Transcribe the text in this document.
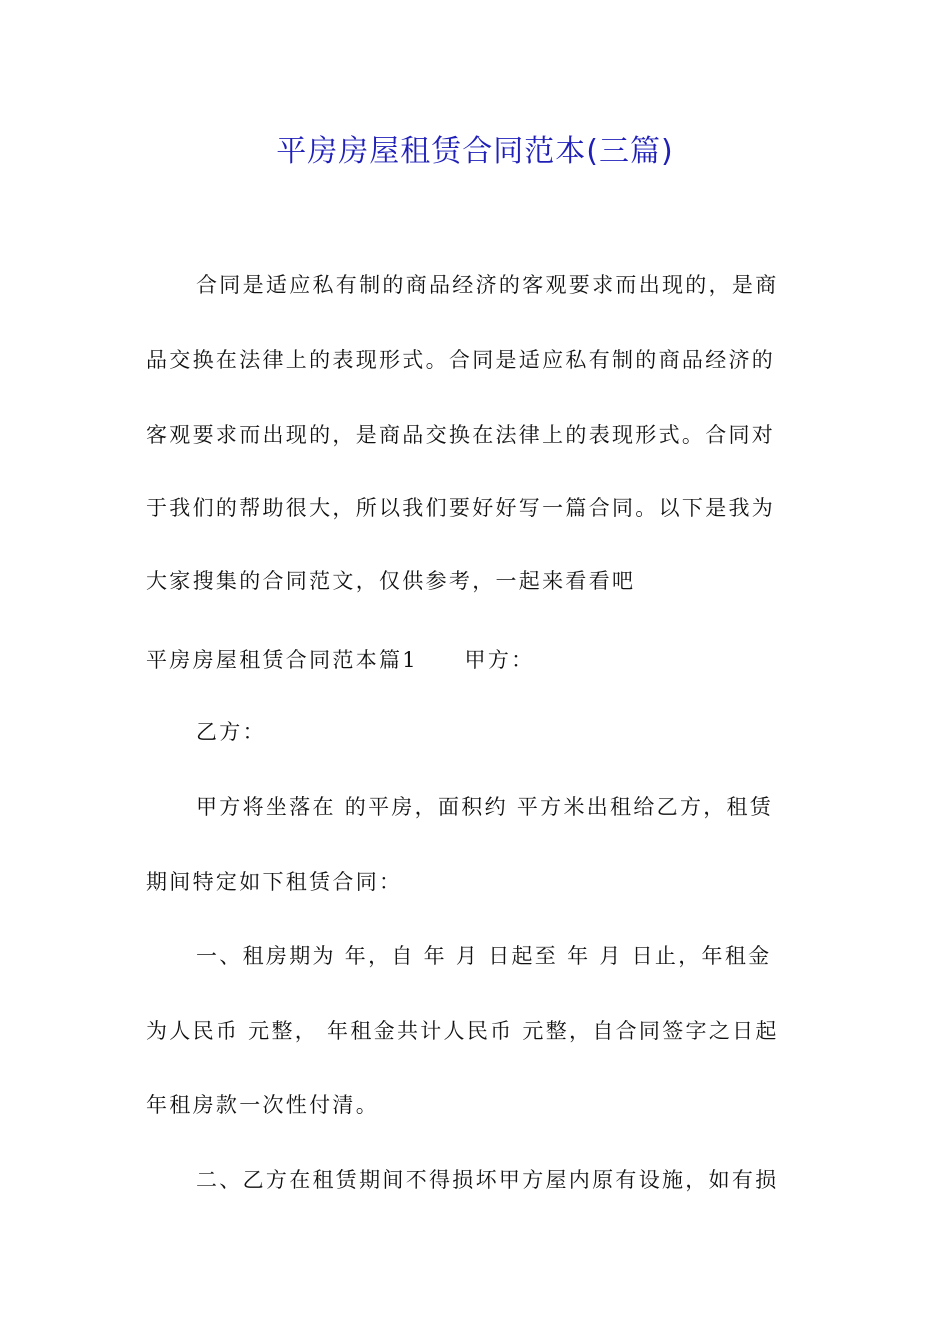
平房房屋租赁合同范本(三篇)

合同是适应私有制的商品经济的客观要求而出现的，是商

品交换在法律上的表现形式。合同是适应私有制的商品经济的

客观要求而出现的，是商品交换在法律上的表现形式。合同对

于我们的帮助很大，所以我们要好好写一篇合同。以下是我为

大家搜集的合同范文，仅供参考，一起来看看吧

平房房屋租赁合同范本篇1　　甲方：

乙方：

甲方将坐落在 的平房，面积约 平方米出租给乙方，租赁

期间特定如下租赁合同：

一、租房期为 年，自 年 月 日起至 年 月 日止，年租金

为人民币 元整， 年租金共计人民币 元整，自合同签字之日起

年租房款一次性付清。

二、乙方在租赁期间不得损坏甲方屋内原有设施，如有损
